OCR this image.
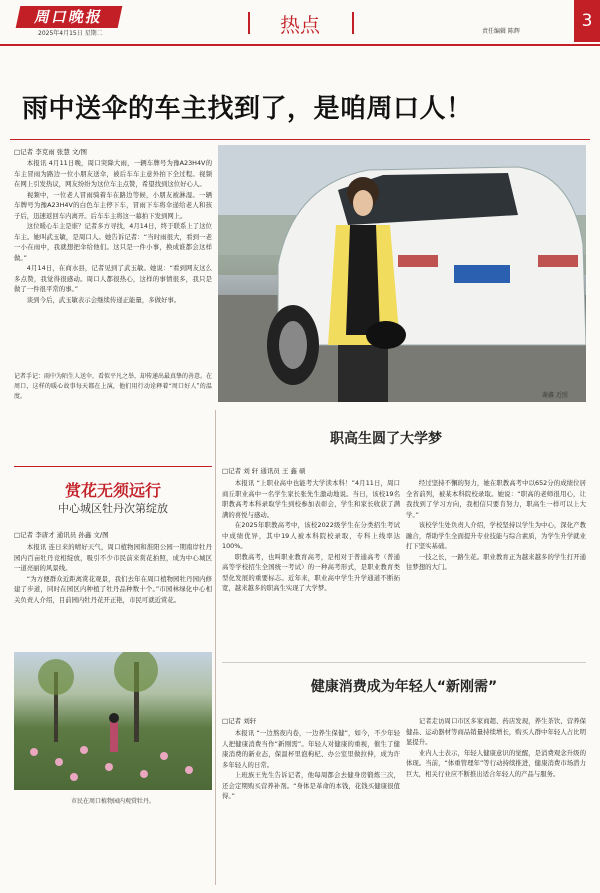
周口晚报
2025年4月15日 星期二	热点	责任编辑 陈辉
3
雨中送伞的车主找到了，是咱周口人！
□记者 李克雨 张慧 文/图

本报讯 4月11日晚，周口突降大雨，一辆车牌号为豫A23H4V的车主冒雨为路边一位小朋友送伞，被后车车主意外拍下全过程。视频在网上引发热议，网友纷纷为这位车主点赞，希望找到这位好心人。

视频中，一位老人冒雨骑着车在路边等候，小朋友被淋湿。一辆车牌号为豫A23H4V的白色车主停下车，冒雨下车将伞递给老人和孩子后，迅速返回车内离开。后车车主将这一幕拍下发到网上。

这位暖心车主是谁？记者多方寻找，4月14日，终于联系上了这位车主。她叫武玉敏，是周口人。她告诉记者：“当时雨很大，看到一老一小在雨中，我就想把伞给他们。这只是一件小事，换成谁都会这样做。”

4月14日，在商水县，记者见到了武玉敏。她说：“看到网友这么多点赞，我觉得很感动。周口人都很热心，这样的事情很多，我只是做了一件很平常的事。”

谈到今后，武玉敏表示会继续传递正能量，多做好事。

记者手记：雨中为陌生人送伞，看似平凡之举，却传递出最真挚的善意。在周口，这样的暖心故事每天都在上演，他们用行动诠释着“周口好人”的温度。	谢鑫 近照
赏花无须远行
中心城区牡丹次第绽放
□记者 李唐才 通讯员 孙鑫 文/图

本报讯 连日来的晴好天气，周口植物园和淮阳公园一期南岸牡丹园内百亩牡丹竞相绽放，吸引不少市民前来赏花拍照，成为中心城区一道亮丽的风景线。

“为方便群众近距离赏花观景，我们去年在周口植物园牡丹园内修建了步道，同时在园区内种植了牡丹品种数十个。”市园林绿化中心相关负责人介绍，目前园内牡丹花开正艳，市民可就近赏花。

市民在周口植物园内观赏牡丹。
职高生圆了大学梦
□记者 刘 轩 通讯员 王 鑫 硕

本报讯 “上职业高中也能考大学读本科！”4月11日，周口商丘职业高中一名学生家长张先生激动地说。当日，该校19名职教高考本科录取学生到校参加表彰会，学生和家长收获了满满的喜悦与感动。

在2025年职教高考中，该校2022级学生在分类招生考试中成绩优异，其中19人被本科院校录取，专科上线率达100%。

职教高考，也叫职业教育高考，是相对于普通高考（普通高等学校招生全国统一考试）的一种高考形式，是职业教育类型化发展的重要标志。近年来，职业高中学生升学通道不断拓宽，越来越多的职高生实现了大学梦。

经过坚持不懈的努力，她在职教高考中以652分的成绩位居全省前列，被某本科院校录取。她说：“职高的老师很用心，让我找到了学习方向，我相信只要肯努力，职高生一样可以上大学。”

该校学生处负责人介绍，学校坚持以学生为中心，深化产教融合，帮助学生全面提升专业技能与综合素质，为学生升学就业打下坚实基础。

一技之长，一路生花。职业教育正为越来越多的学生打开通往梦想的大门。

健康消费成为年轻人“新刚需”
□记者 刘轩

本报讯 “一边熬夜内卷，一边养生保健”，如今，不少年轻人把健康消费当作“新刚需”。年轻人对健康的重视，催生了健康消费的新业态，保温杯里泡枸杞、办公室里做拉伸，成为许多年轻人的日常。

上班族王先生告诉记者，他每周都会去健身房锻炼三次，还会定期购买营养补剂。“身体是革命的本钱，花钱买健康很值得。”

记者走访周口市区多家商超、药店发现，养生茶饮、营养保健品、运动器材等商品销量持续增长，购买人群中年轻人占比明显提升。

业内人士表示，年轻人健康意识的觉醒，是消费观念升级的体现。当前，“体重管理年”等行动持续推进，健康消费市场潜力巨大，相关行业应不断推出适合年轻人的产品与服务。
